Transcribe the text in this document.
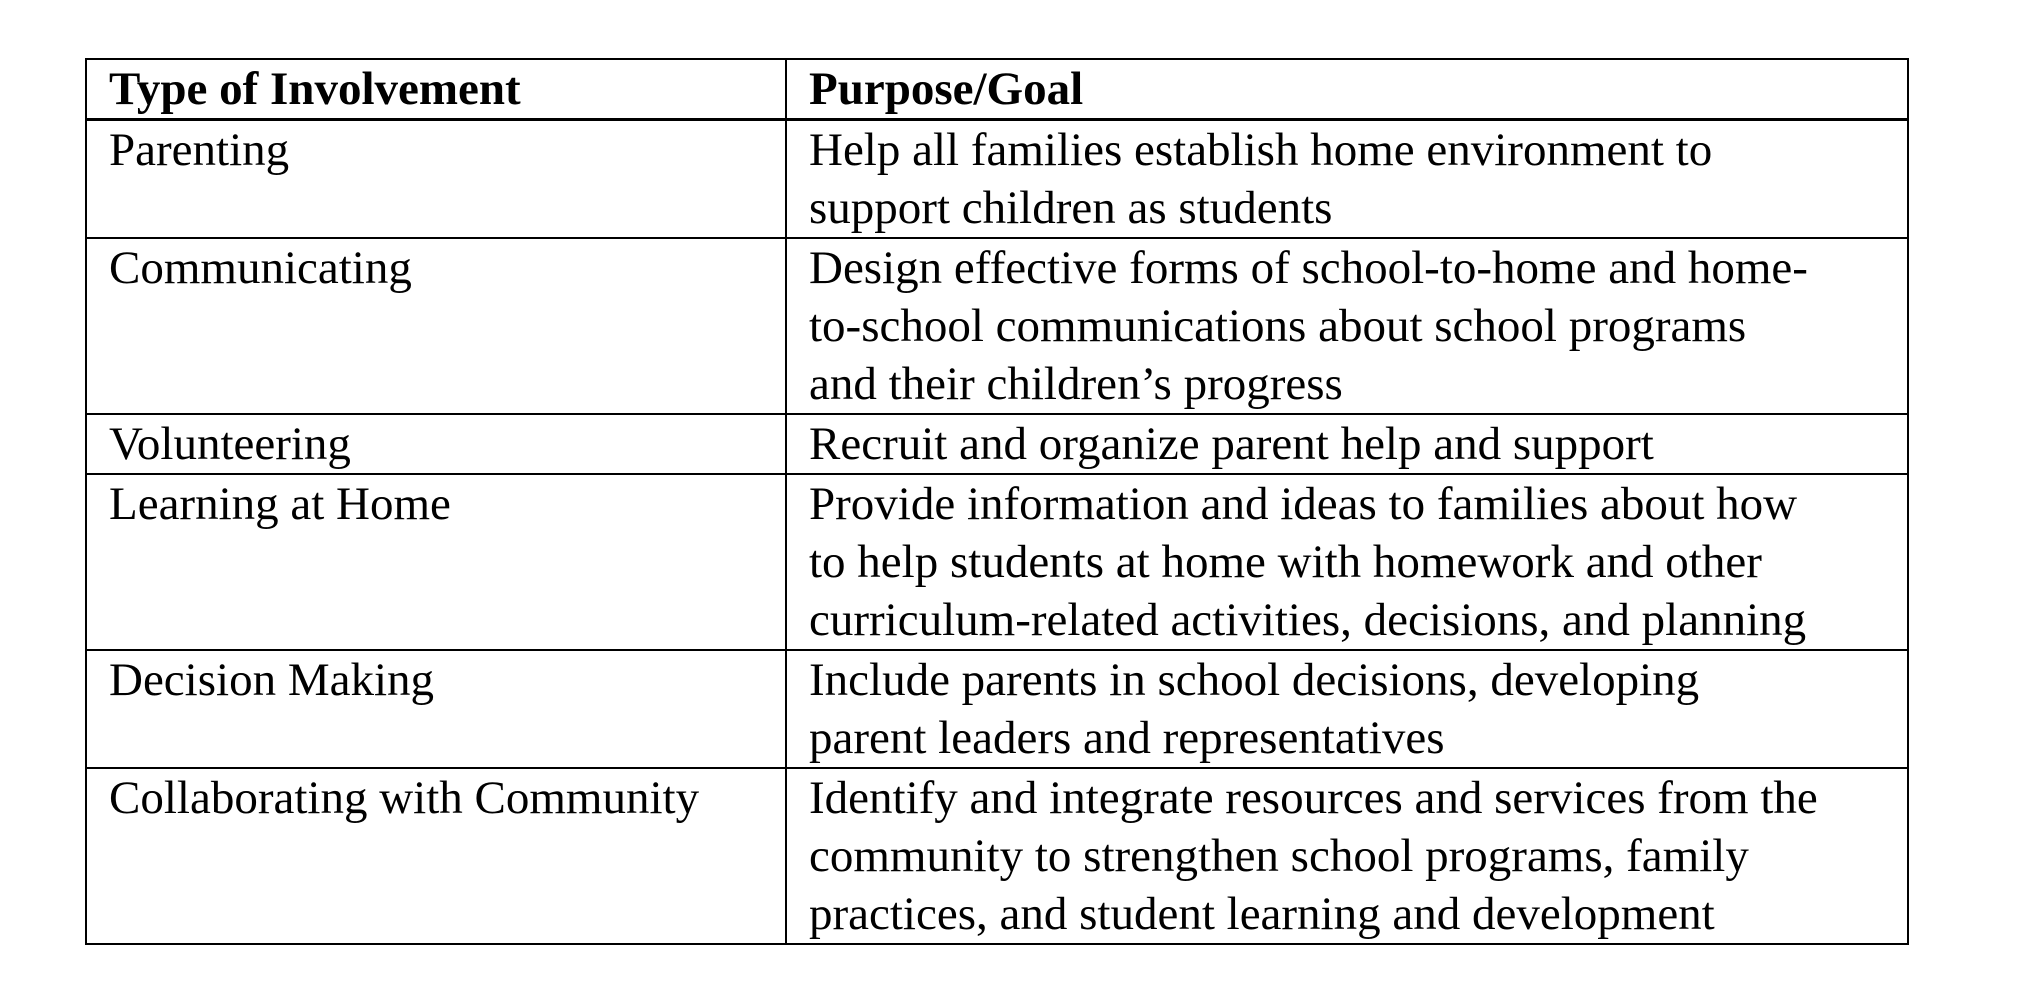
Type of Involvement	Purpose/Goal
Parenting	Help all families establish home environment to
support children as students

Communicating	Design effective forms of school-to-home and home-
to-school communications about school programs
and their children’s progress

Volunteering	Recruit and organize parent help and support

Learning at Home	Provide information and ideas to families about how
to help students at home with homework and other
curriculum-related activities, decisions, and planning

Decision Making	Include parents in school decisions, developing
parent leaders and representatives

Collaborating with Community	Identify and integrate resources and services from the
community to strengthen school programs, family
practices, and student learning and development
